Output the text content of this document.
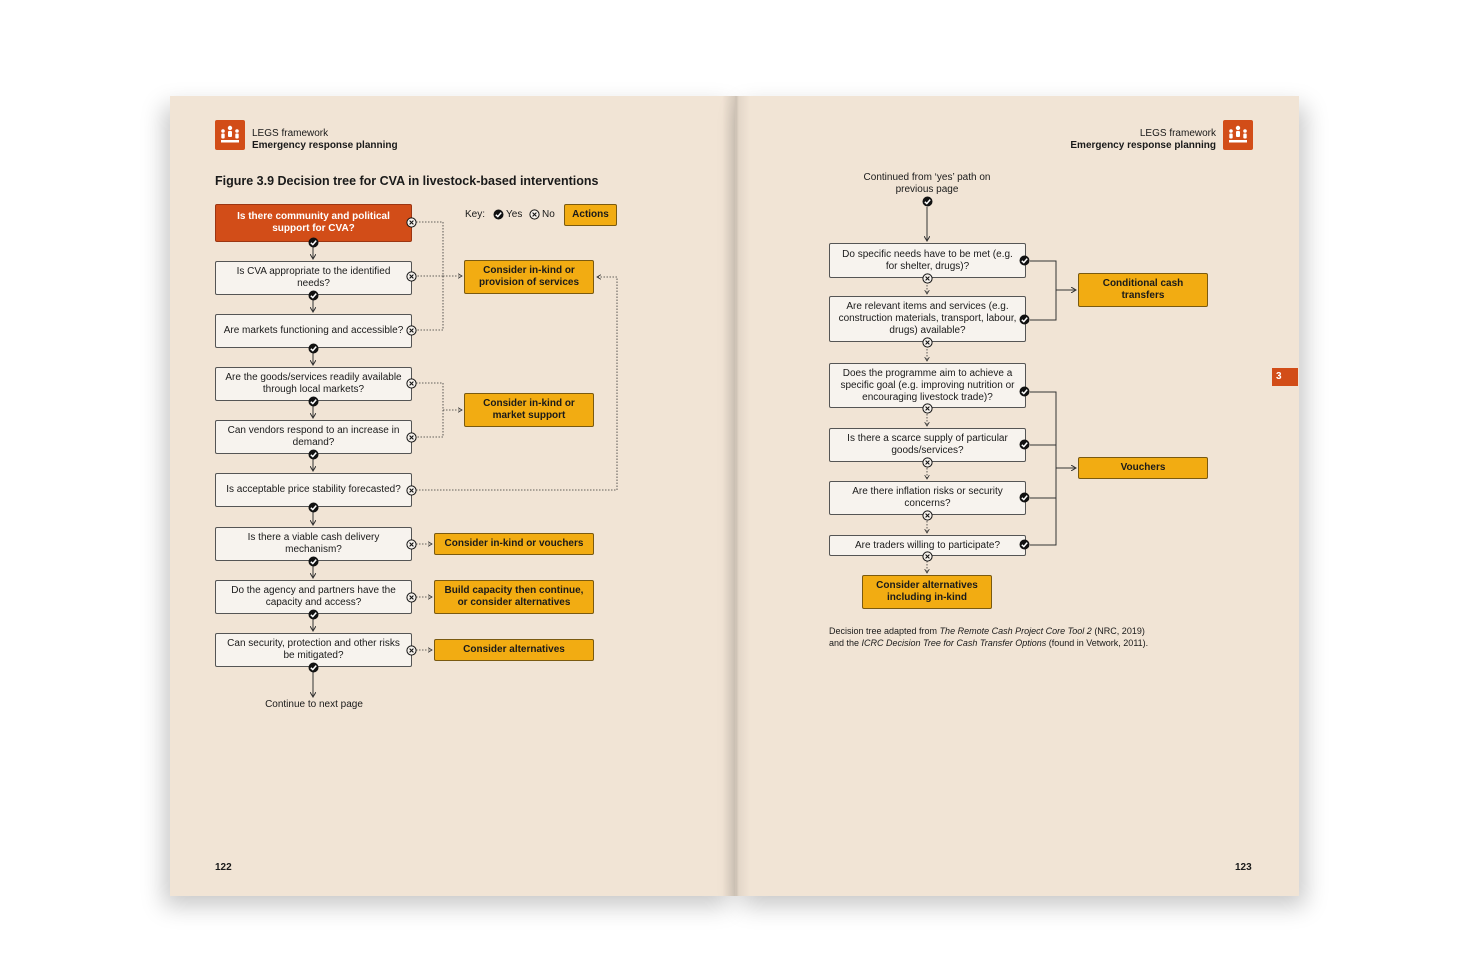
LEGS framework
Emergency response planning
LEGS framework
Emergency response planning
Figure 3.9 Decision tree for CVA in livestock-based interventions
Key: Yes No	Actions
Is there community and political support for CVA?
Is CVA appropriate to the identified needs?
Are markets functioning and accessible?
Are the goods/services readily available through local markets?
Can vendors respond to an increase in demand?
Is acceptable price stability forecasted?
Is there a viable cash delivery mechanism?
Do the agency and partners have the capacity and access?
Can security, protection and other risks be mitigated?
Consider in-kind or provision of services
Consider in-kind or market support
Consider in-kind or vouchers
Build capacity then continue, or consider alternatives
Consider alternatives
Continue to next page
Continued from ‘yes’ path on previous page
Do specific needs have to be met (e.g. for shelter, drugs)?
Are relevant items and services (e.g. construction materials, transport, labour, drugs) available?
Does the programme aim to achieve a specific goal (e.g. improving nutrition or encouraging livestock trade)?
Is there a scarce supply of particular goods/services?
Are there inflation risks or security concerns?
Are traders willing to participate?
Conditional cash transfers
Vouchers
Consider alternatives including in-kind
Decision tree adapted from The Remote Cash Project Core Tool 2 (NRC, 2019)
and the ICRC Decision Tree for Cash Transfer Options (found in Vetwork, 2011).
3
122	123
